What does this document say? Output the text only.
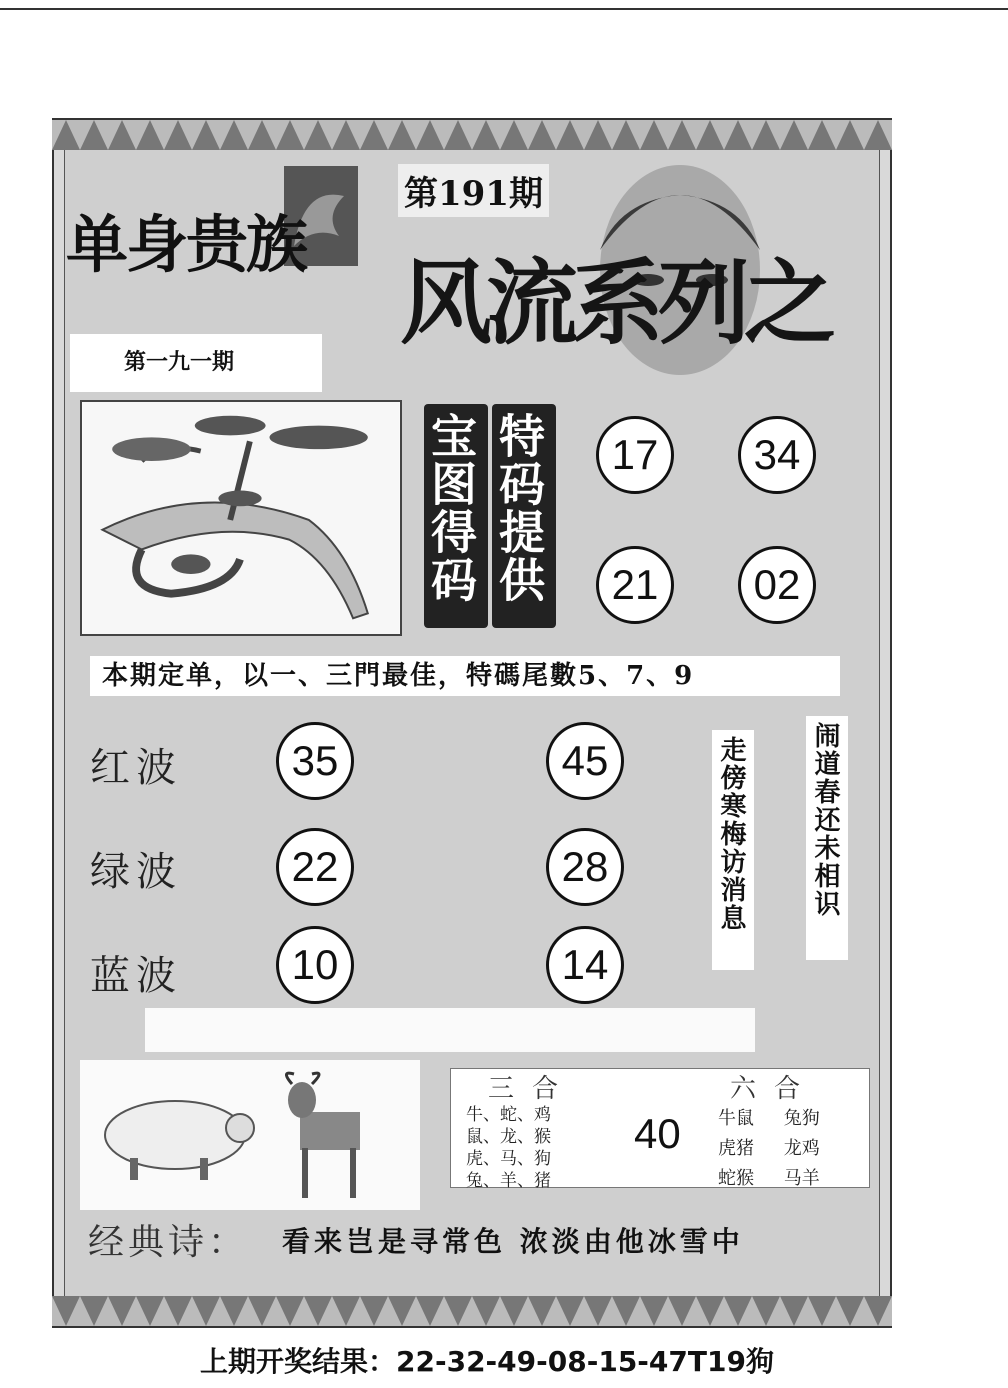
单身贵族
第191期
风流系列之
第一九一期
宝图得码 特码提供	17	34
21	02
本期定单，以一、三門最佳，特碼尾數5、7、9
红波	35	45
绿波	22	28
蓝波	10	14
走傍寒梅访消息	闹道春还未相识
三合
牛、蛇、鸡
鼠、龙、猴
虎、马、狗
兔、羊、猪
40
六合
牛鼠 兔狗
虎猪 龙鸡
蛇猴 马羊
经典诗： 看来岂是寻常色 浓淡由他冰雪中
上期开奖结果：22-32-49-08-15-47T19狗
